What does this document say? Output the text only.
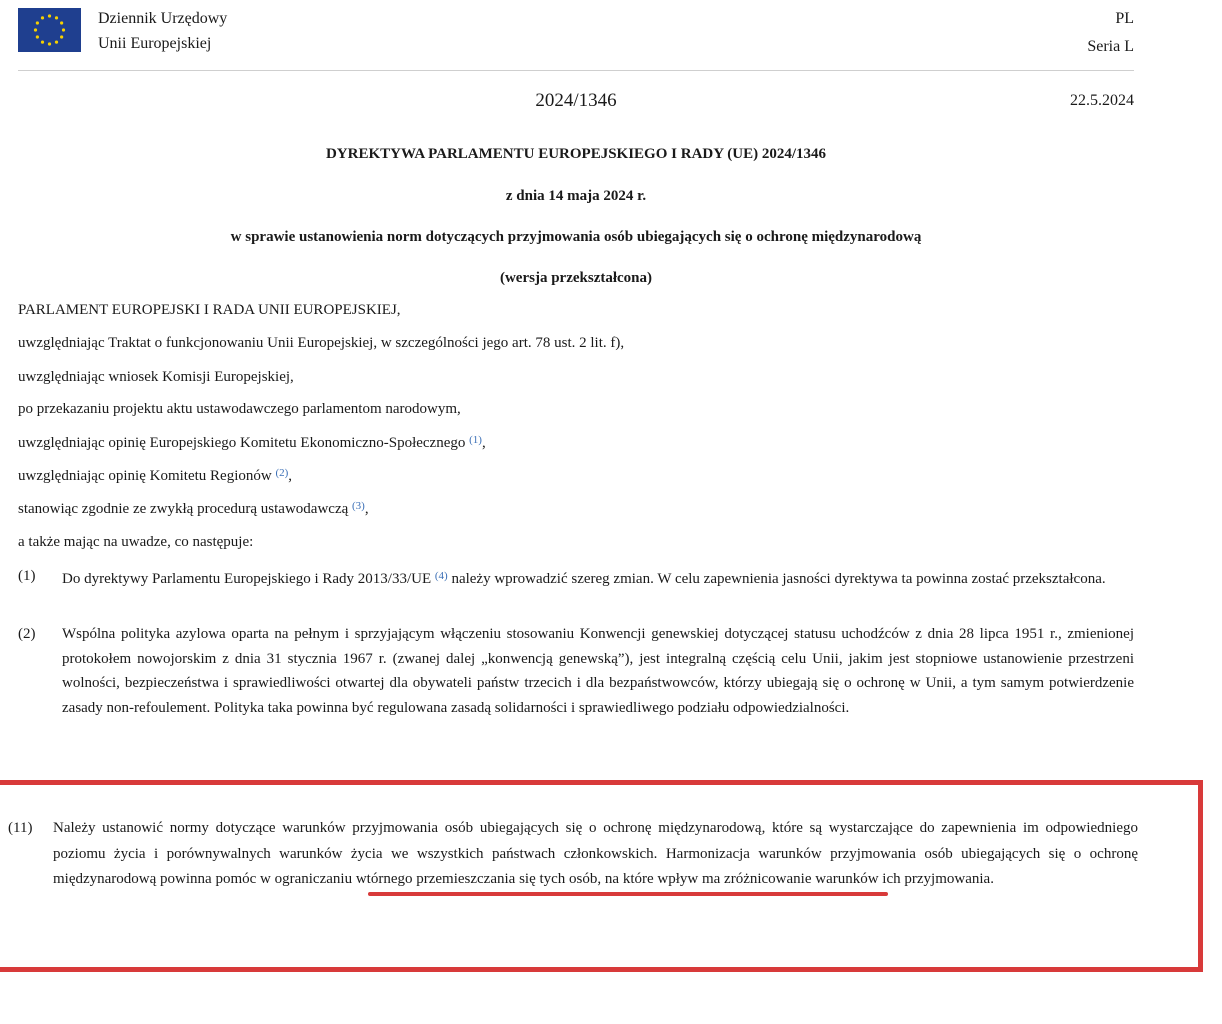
Dziennik Urzędowy
Unii Europejskiej
PL
Seria L
2024/1346	22.5.2024
DYREKTYWA PARLAMENTU EUROPEJSKIEGO I RADY (UE) 2024/1346
z dnia 14 maja 2024 r.
w sprawie ustanowienia norm dotyczących przyjmowania osób ubiegających się o ochronę międzynarodową
(wersja przekształcona)
PARLAMENT EUROPEJSKI I RADA UNII EUROPEJSKIEJ,
uwzględniając Traktat o funkcjonowaniu Unii Europejskiej, w szczególności jego art. 78 ust. 2 lit. f),
uwzględniając wniosek Komisji Europejskiej,
po przekazaniu projektu aktu ustawodawczego parlamentom narodowym,
uwzględniając opinię Europejskiego Komitetu Ekonomiczno-Społecznego $^{(1)}$,
uwzględniając opinię Komitetu Regionów $^{(2)}$,
stanowiąc zgodnie ze zwykłą procedurą ustawodawczą $^{(3)}$,
a także mając na uwadze, co następuje:
(1) Do dyrektywy Parlamentu Europejskiego i Rady 2013/33/UE $^{(4)}$ należy wprowadzić szereg zmian. W celu zapewnienia jasności dyrektywa ta powinna zostać przekształcona.
(2) Wspólna polityka azylowa oparta na pełnym i sprzyjającym włączeniu stosowaniu Konwencji genewskiej dotyczącej statusu uchodźców z dnia 28 lipca 1951 r., zmienionej protokołem nowojorskim z dnia 31 stycznia 1967 r. (zwanej dalej „konwencją genewską”), jest integralną częścią celu Unii, jakim jest stopniowe ustanowienie przestrzeni wolności, bezpieczeństwa i sprawiedliwości otwartej dla obywateli państw trzecich i dla bezpaństwowców, którzy ubiegają się o ochronę w Unii, a tym samym potwierdzenie zasady non-refoulement. Polityka taka powinna być regulowana zasadą solidarności i sprawiedliwego podziału odpowiedzialności.
(11) Należy ustanowić normy dotyczące warunków przyjmowania osób ubiegających się o ochronę międzynarodową, które są wystarczające do zapewnienia im odpowiedniego poziomu życia i porównywalnych warunków życia we wszystkich państwach członkowskich. Harmonizacja warunków przyjmowania osób ubiegających się o ochronę międzynarodową powinna pomóc w ograniczaniu wtórnego przemieszczania się tych osób, na które wpływ ma zróżnicowanie warunków ich przyjmowania.
